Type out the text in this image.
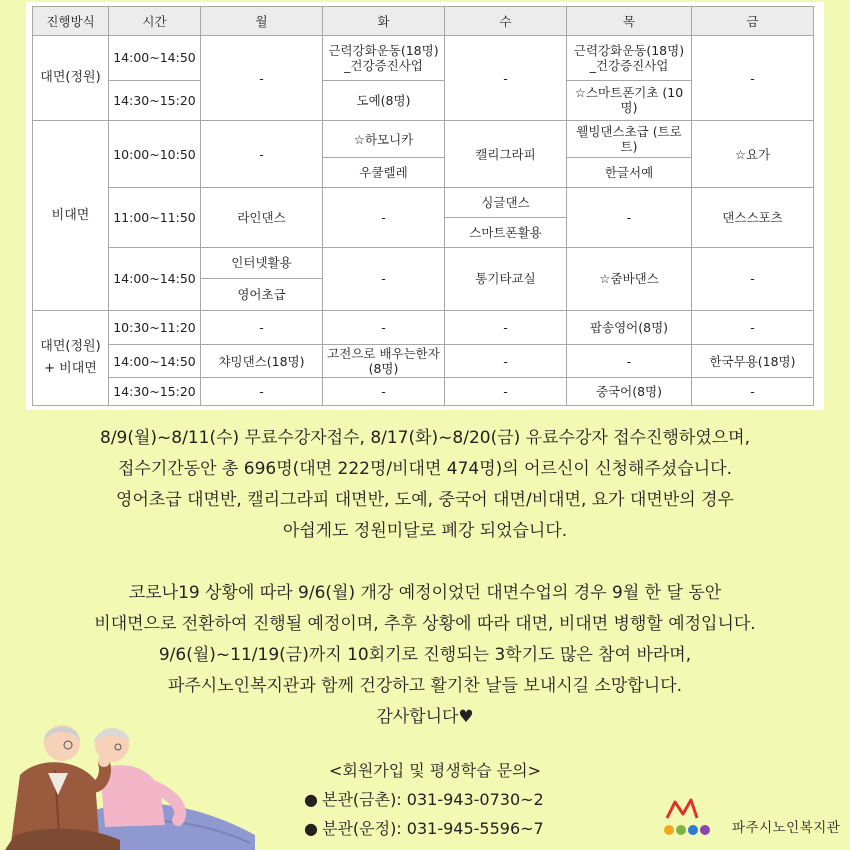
진행방식	시간	월	화	수	목	금
대면(정원)	14:00~14:50	-	근력강화운동(18명) _건강증진사업	-	근력강화운동(18명) _건강증진사업	-
	14:30~15:20		도예(8명)		☆스마트폰기초 (10명)	
비대면	10:00~10:50	-	☆하모니카	캘리그라피	웰빙댄스초급 (트로트)	☆요가
			우쿨렐레		한글서예	
	11:00~11:50	라인댄스	-	싱글댄스	-	댄스스포츠
				스마트폰활용		
	14:00~14:50	인터넷활용	-	통기타교실	☆줌바댄스	-
		영어초급				

대면(정원)
+ 비대면	10:30~11:20	-	-	-	팝송영어(8명)	-
	14:00~14:50	챠밍댄스(18명)	고전으로 배우는한자(8명)	-	-	한국무용(18명)
	14:30~15:20	-	-	-	중국어(8명)	-

8/9(월)~8/11(수) 무료수강자접수, 8/17(화)~8/20(금) 유료수강자 접수진행하였으며,

접수기간동안 총 696명(대면 222명/비대면 474명)의 어르신이 신청해주셨습니다.

영어초급 대면반, 캘리그라피 대면반, 도예, 중국어 대면/비대면, 요가 대면반의 경우

아쉽게도 정원미달로 폐강 되었습니다.

코로나19 상황에 따라 9/6(월) 개강 예정이었던 대면수업의 경우 9월 한 달 동안

비대면으로 전환하여 진행될 예정이며, 추후 상황에 따라 대면, 비대면 병행할 예정입니다.

9/6(월)~11/19(금)까지 10회기로 진행되는 3학기도 많은 참여 바라며,

파주시노인복지관과 함께 건강하고 활기찬 날들 보내시길 소망합니다.

감사합니다♥

<회원가입 및 평생학습 문의>
● 본관(금촌): 031-943-0730~2
● 분관(운정): 031-945-5596~7	파주시노인복지관
